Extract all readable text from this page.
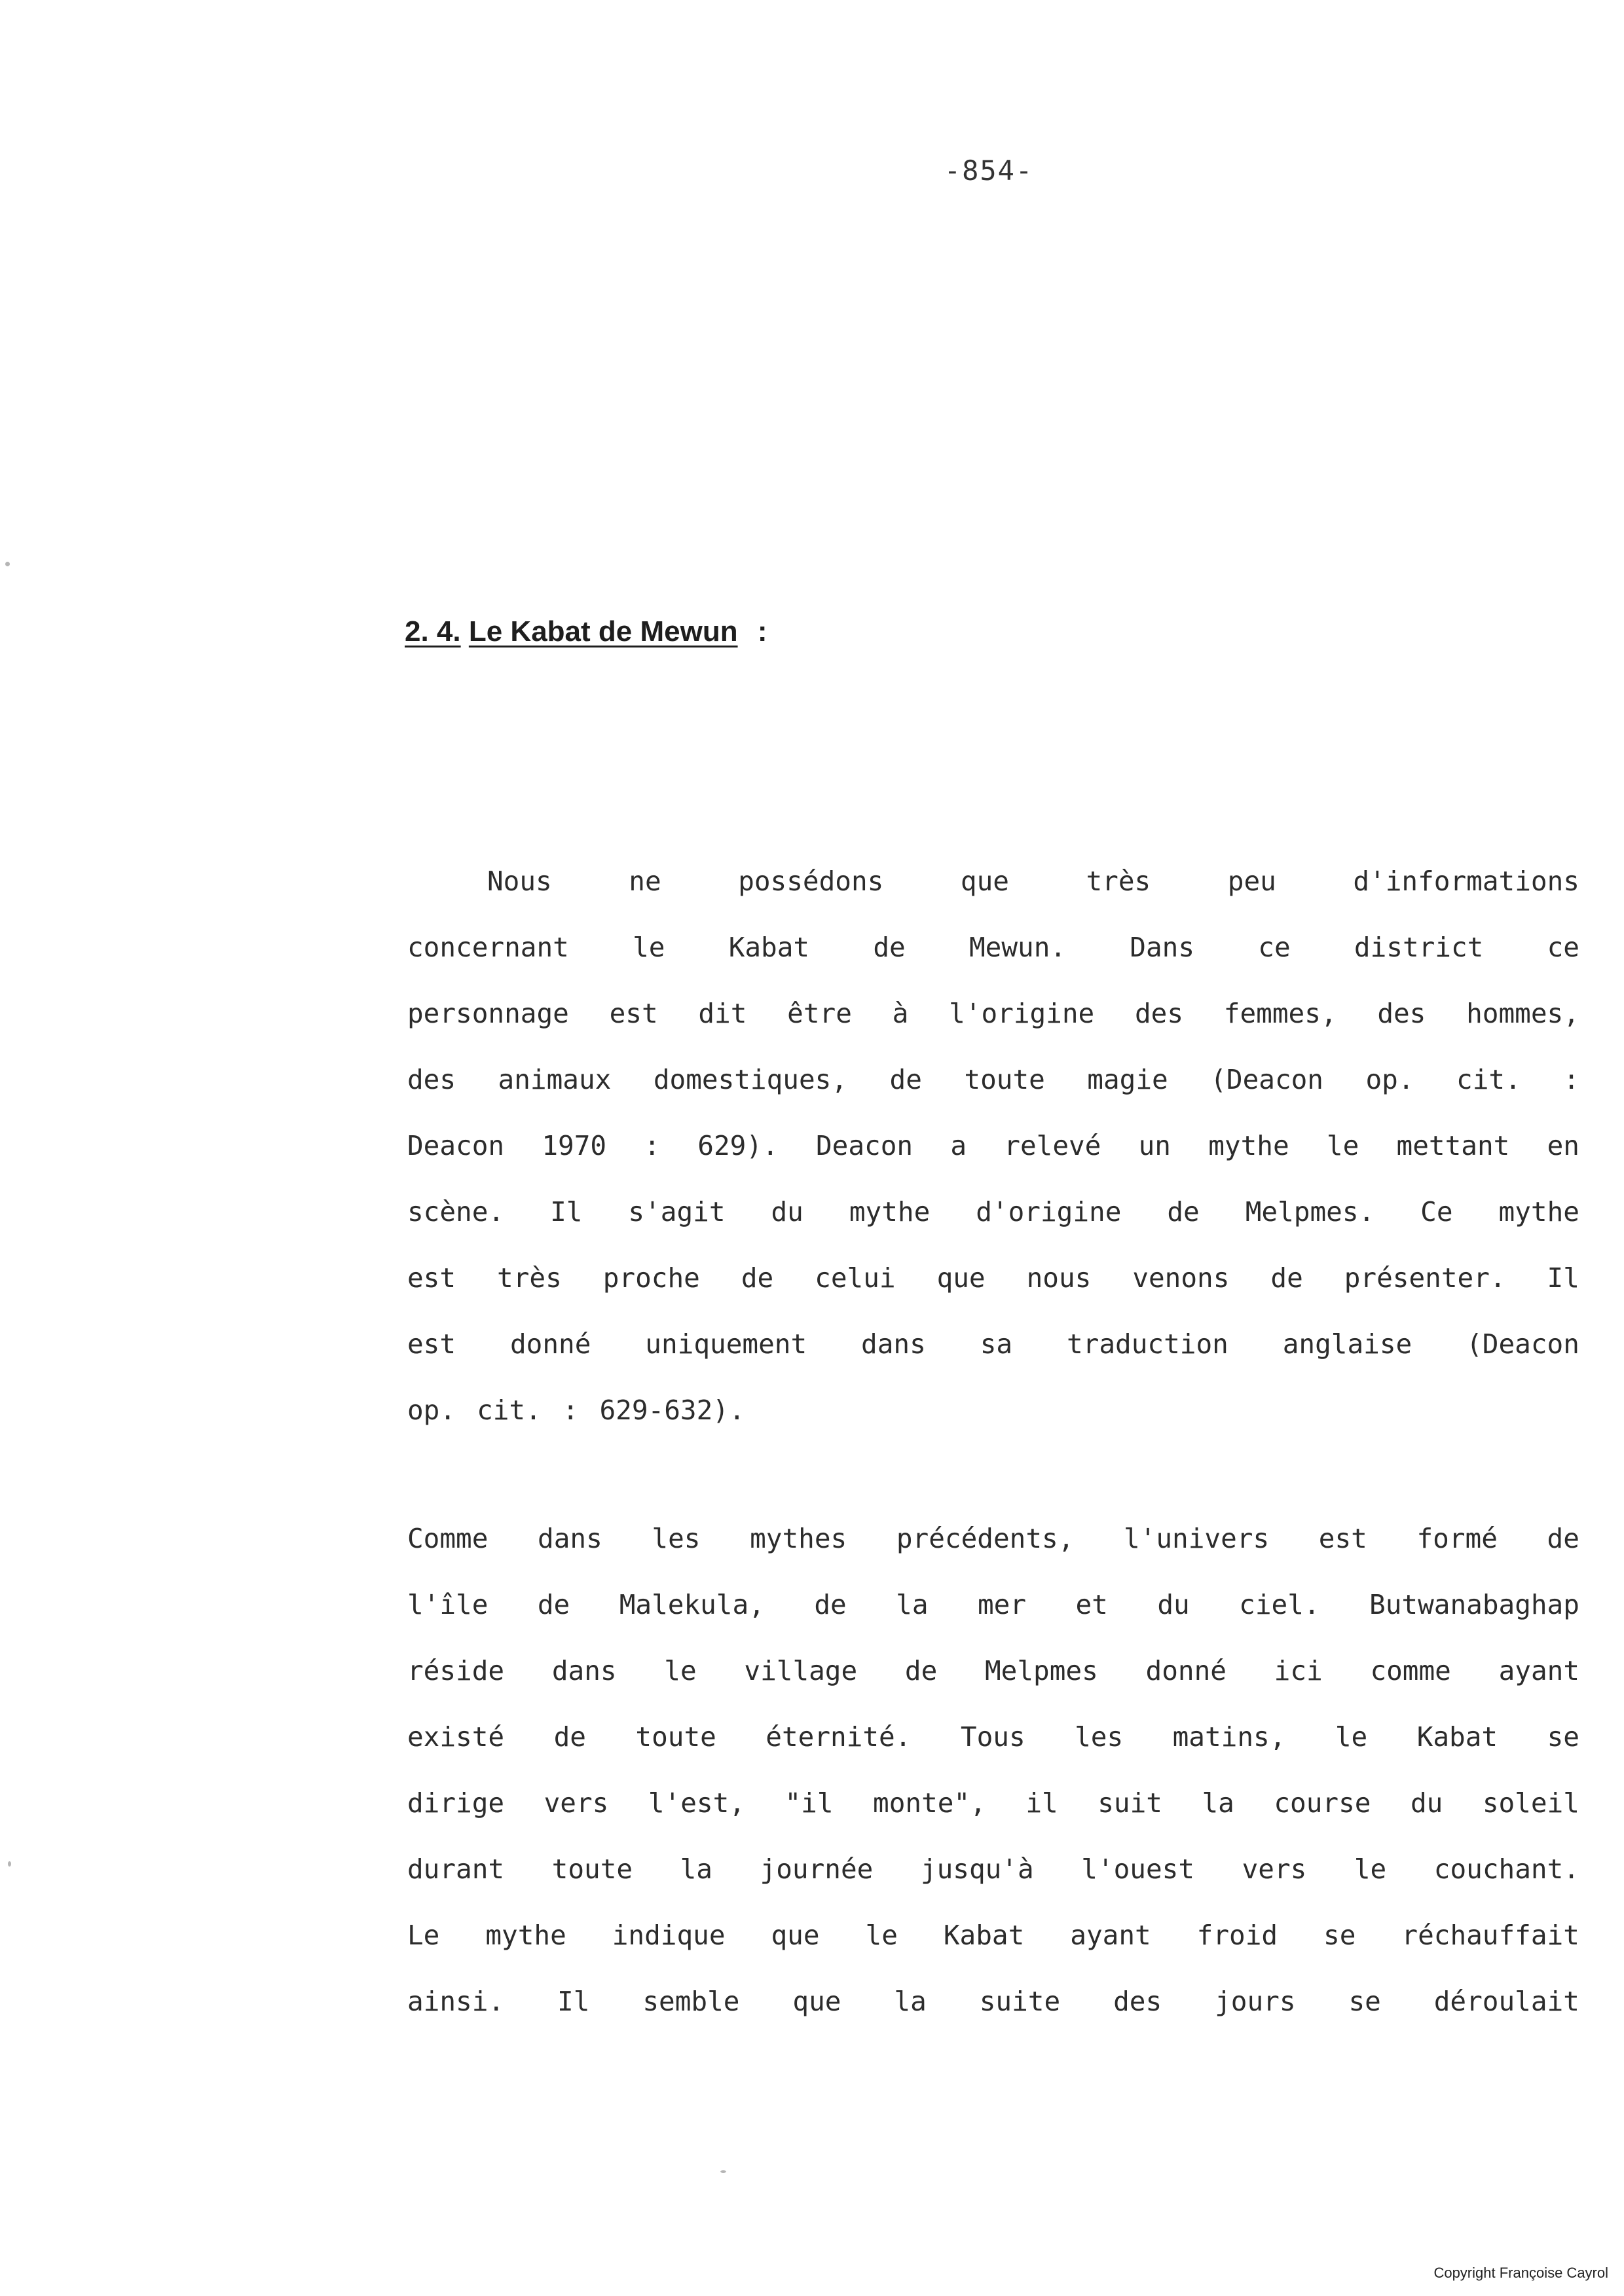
-854-
2. 4. Le Kabat de Mewun :
Nous	ne	possédons	que	très	peu	d'informations
concernant le Kabat de Mewun. Dans ce district ce
personnage est dit être à l'origine des femmes, des hommes,
des animaux domestiques, de toute magie (Deacon op. cit. :
Deacon 1970 : 629). Deacon a relevé un mythe le mettant en
scène. Il s'agit du mythe d'origine de Melpmes. Ce mythe
est très proche de celui que nous venons de présenter. Il
est donné uniquement dans sa traduction anglaise (Deacon
op. cit. : 629-632).
Comme dans les mythes précédents, l'univers est formé de
l'île de Malekula, de la mer et du ciel. Butwanabaghap
réside dans le village de Melpmes donné ici comme ayant
existé de toute éternité. Tous les matins, le Kabat se
dirige vers l'est, "il monte", il suit la course du soleil
durant toute la journée jusqu'à l'ouest vers le couchant.
Le mythe indique que le Kabat ayant froid se réchauffait
ainsi. Il semble que la suite des jours se déroulait
Copyright Françoise Cayrol
